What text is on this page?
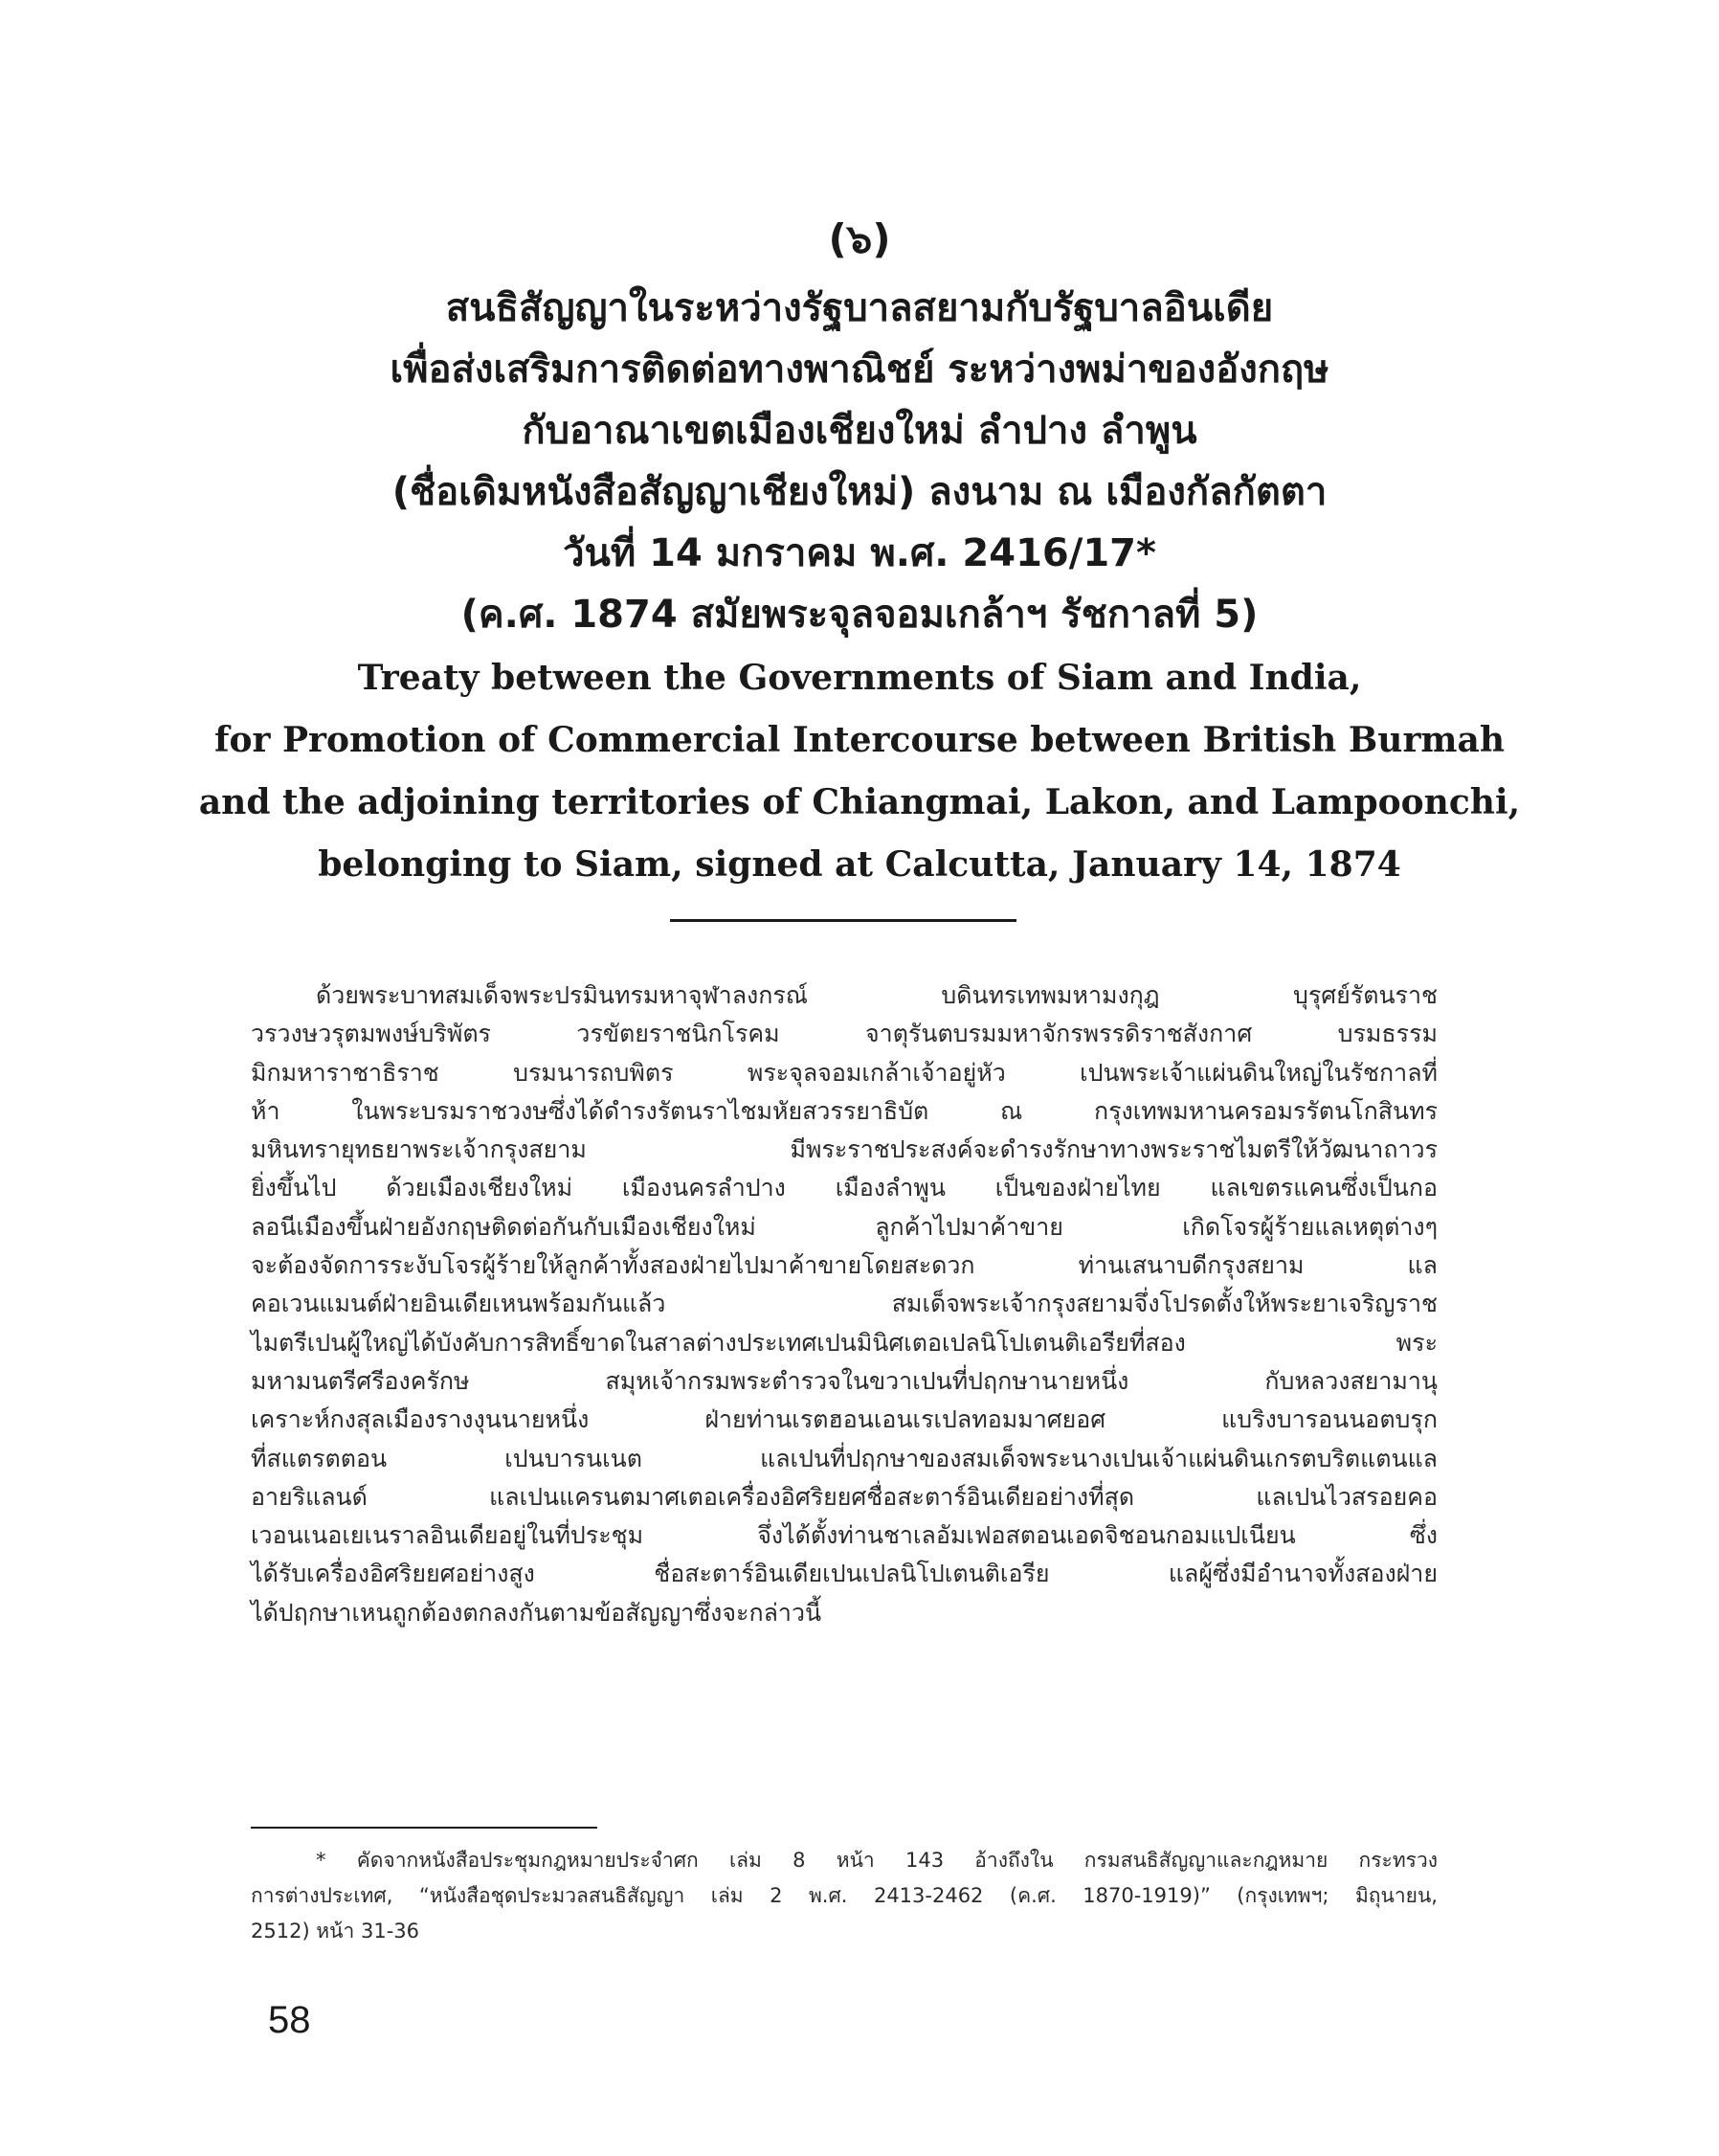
(๖)
สนธิสัญญาในระหว่างรัฐบาลสยามกับรัฐบาลอินเดีย
เพื่อส่งเสริมการติดต่อทางพาณิชย์ ระหว่างพม่าของอังกฤษ
กับอาณาเขตเมืองเชียงใหม่ ลำปาง ลำพูน
(ชื่อเดิมหนังสือสัญญาเชียงใหม่) ลงนาม ณ เมืองกัลกัตตา
วันที่ 14 มกราคม พ.ศ. 2416/17*
(ค.ศ. 1874 สมัยพระจุลจอมเกล้าฯ รัชกาลที่ 5)
Treaty between the Governments of Siam and India,
for Promotion of Commercial Intercourse between British Burmah
and the adjoining territories of Chiangmai, Lakon, and Lampoonchi,
belonging to Siam, signed at Calcutta, January 14, 1874
ด้วยพระบาทสมเด็จพระปรมินทรมหาจุฬาลงกรณ์ บดินทรเทพมหามงกุฎ บุรุศย์รัตนราช
วรวงษวรุตมพงษ์บริพัตร วรขัตยราชนิกโรคม จาตุรันตบรมมหาจักรพรรดิราชสังกาศ บรมธรรม
มิกมหาราชาธิราช บรมนารถบพิตร พระจุลจอมเกล้าเจ้าอยู่หัว เปนพระเจ้าแผ่นดินใหญ่ในรัชกาลที่
ห้า ในพระบรมราชวงษซึ่งได้ดำรงรัตนราไชมหัยสวรรยาธิบัต ณ กรุงเทพมหานครอมรรัตนโกสินทร
มหินทรายุทธยาพระเจ้ากรุงสยาม มีพระราชประสงค์จะดำรงรักษาทางพระราชไมตรีให้วัฒนาถาวร
ยิ่งขึ้นไป ด้วยเมืองเชียงใหม่ เมืองนครลำปาง เมืองลำพูน เป็นของฝ่ายไทย แลเขตรแคนซึ่งเป็นกอ
ลอนีเมืองขึ้นฝ่ายอังกฤษติดต่อกันกับเมืองเชียงใหม่ ลูกค้าไปมาค้าขาย เกิดโจรผู้ร้ายแลเหตุต่างๆ
จะต้องจัดการระงับโจรผู้ร้ายให้ลูกค้าทั้งสองฝ่ายไปมาค้าขายโดยสะดวก ท่านเสนาบดีกรุงสยาม แล
คอเวนแมนต์ฝ่ายอินเดียเหนพร้อมกันแล้ว สมเด็จพระเจ้ากรุงสยามจึ่งโปรดตั้งให้พระยาเจริญราช
ไมตรีเปนผู้ใหญ่ได้บังคับการสิทธิ์ขาดในสาลต่างประเทศเปนมินิศเตอเปลนิโปเตนติเอรียที่สอง พระ
มหามนตรีศรีองครักษ สมุหเจ้ากรมพระตำรวจในขวาเปนที่ปฤกษานายหนึ่ง กับหลวงสยามานุ
เคราะห์กงสุลเมืองรางงุนนายหนึ่ง ฝ่ายท่านเรตฮอนเอนเรเปลทอมมาศยอศ แบริงบารอนนอตบรุก
ที่สแตรตตอน เปนบารนเนต แลเปนที่ปฤกษาของสมเด็จพระนางเปนเจ้าแผ่นดินเกรตบริตแตนแล
อายริแลนด์ แลเปนแครนตมาศเตอเครื่องอิศริยยศชื่อสะตาร์อินเดียอย่างที่สุด แลเปนไวสรอยคอ
เวอนเนอเยเนราลอินเดียอยู่ในที่ประชุม จึ่งได้ตั้งท่านชาเลอัมเฟอสตอนเอดจิชอนกอมแปเนียน ซึ่ง
ได้รับเครื่องอิศริยยศอย่างสูง ชื่อสะตาร์อินเดียเปนเปลนิโปเตนติเอรีย แลผู้ซึ่งมีอำนาจทั้งสองฝ่าย
ได้ปฤกษาเหนถูกต้องตกลงกันตามข้อสัญญาซึ่งจะกล่าวนี้
* คัดจากหนังสือประชุมกฎหมายประจำศก เล่ม 8 หน้า 143 อ้างถึงใน กรมสนธิสัญญาและกฎหมาย กระทรวง
การต่างประเทศ, “หนังสือชุดประมวลสนธิสัญญา เล่ม 2 พ.ศ. 2413-2462 (ค.ศ. 1870-1919)” (กรุงเทพฯ; มิถุนายน,
2512) หน้า 31-36
58
